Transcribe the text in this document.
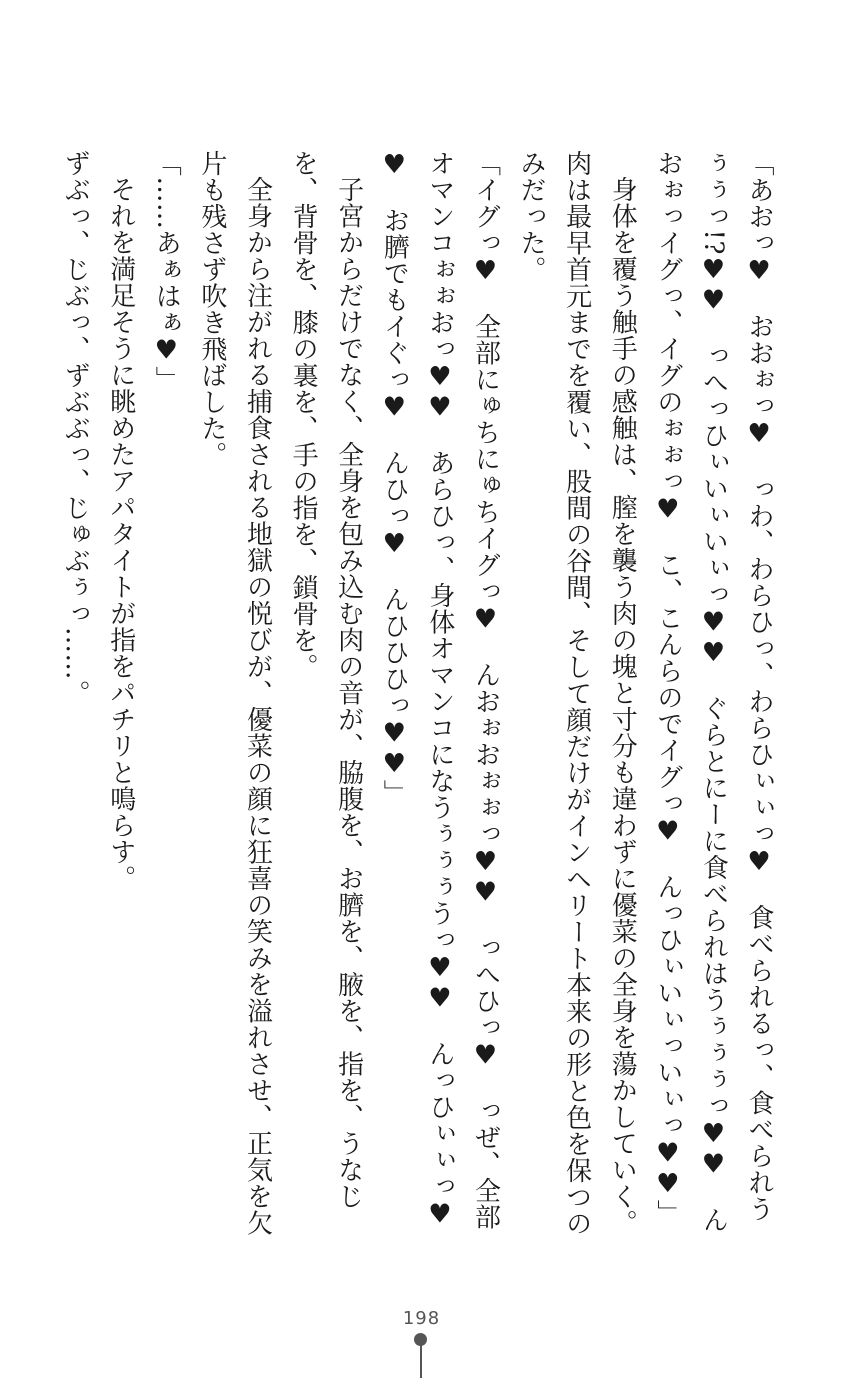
「あおっ♥　おおぉっ♥　っわ、わらひっ、わらひぃぃっ♥　食べられるっ、食べられうぅぅっ!?♥♥　っへっひぃいぃいぃっ♥♥　ぐらとにーに食べられはうぅぅぅっ♥♥　んおぉっイグっ、イグのぉぉっ♥　こ、こんらのでイグっ♥　んっひぃいぃっいぃっ♥♥」

身体を覆う触手の感触は、膣を襲う肉の塊と寸分も違わずに優菜の全身を蕩かしていく。肉は最早首元までを覆い、股間の谷間、そして顔だけがインヘリート本来の形と色を保つのみだった。

「イグっ♥　全部にゅちにゅちイグっ♥　んおぉおぉぉっ♥♥　っへひっ♥　っぜ、全部オマンコぉぉおっ♥♥　あらひっ、身体オマンコになうぅぅぅうっ♥♥　んっひぃぃっ♥♥　お臍でもイぐっ♥　んひっ♥　んひひひっ♥♥」

子宮からだけでなく、全身を包み込む肉の音が、脇腹を、お臍を、腋を、指を、うなじを、背骨を、膝の裏を、手の指を、鎖骨を。

全身から注がれる捕食される地獄の悦びが、優菜の顔に狂喜の笑みを溢れさせ、正気を欠片も残さず吹き飛ばした。

「……あぁはぁ♥」

それを満足そうに眺めたアパタイトが指をパチリと鳴らす。

ずぶっ、じぶっ、ずぶぶっ、じゅぶぅっ……。

198
